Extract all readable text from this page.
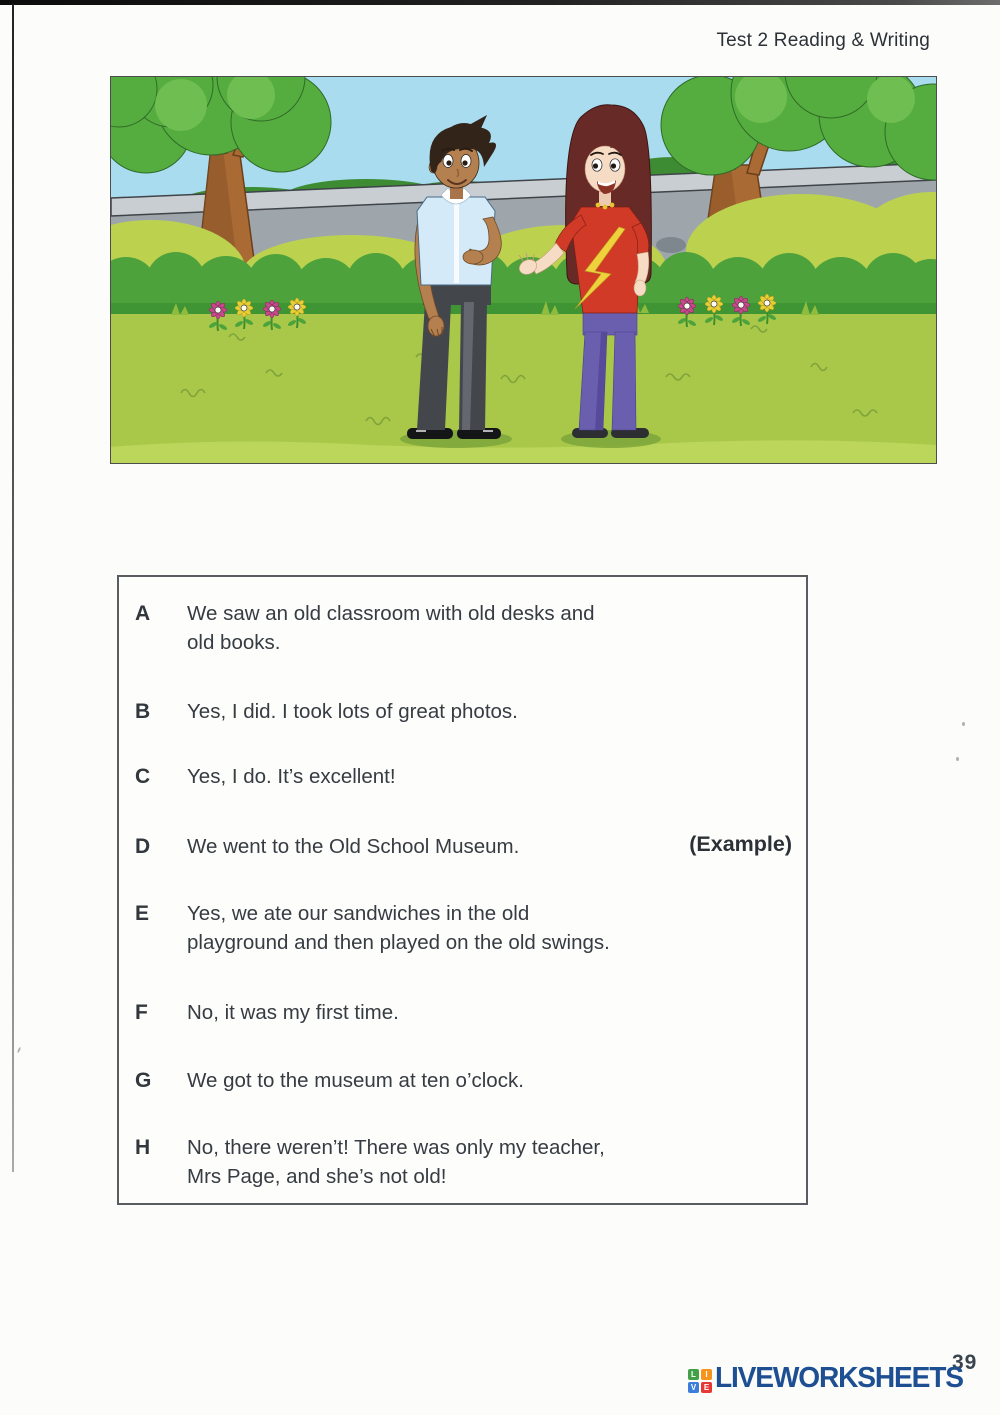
Test 2 Reading & Writing
A We saw an old classroom with old desks and
old books.
B Yes, I did. I took lots of great photos.
C Yes, I do. It’s excellent!
D We went to the Old School Museum.	(Example)
E Yes, we ate our sandwiches in the old
playground and then played on the old swings.
F No, it was my first time.
G We got to the museum at ten o’clock.
H No, there weren’t! There was only my teacher,
Mrs Page, and she’s not old!
39
L	I
V E LIVEWORKSHEETS
